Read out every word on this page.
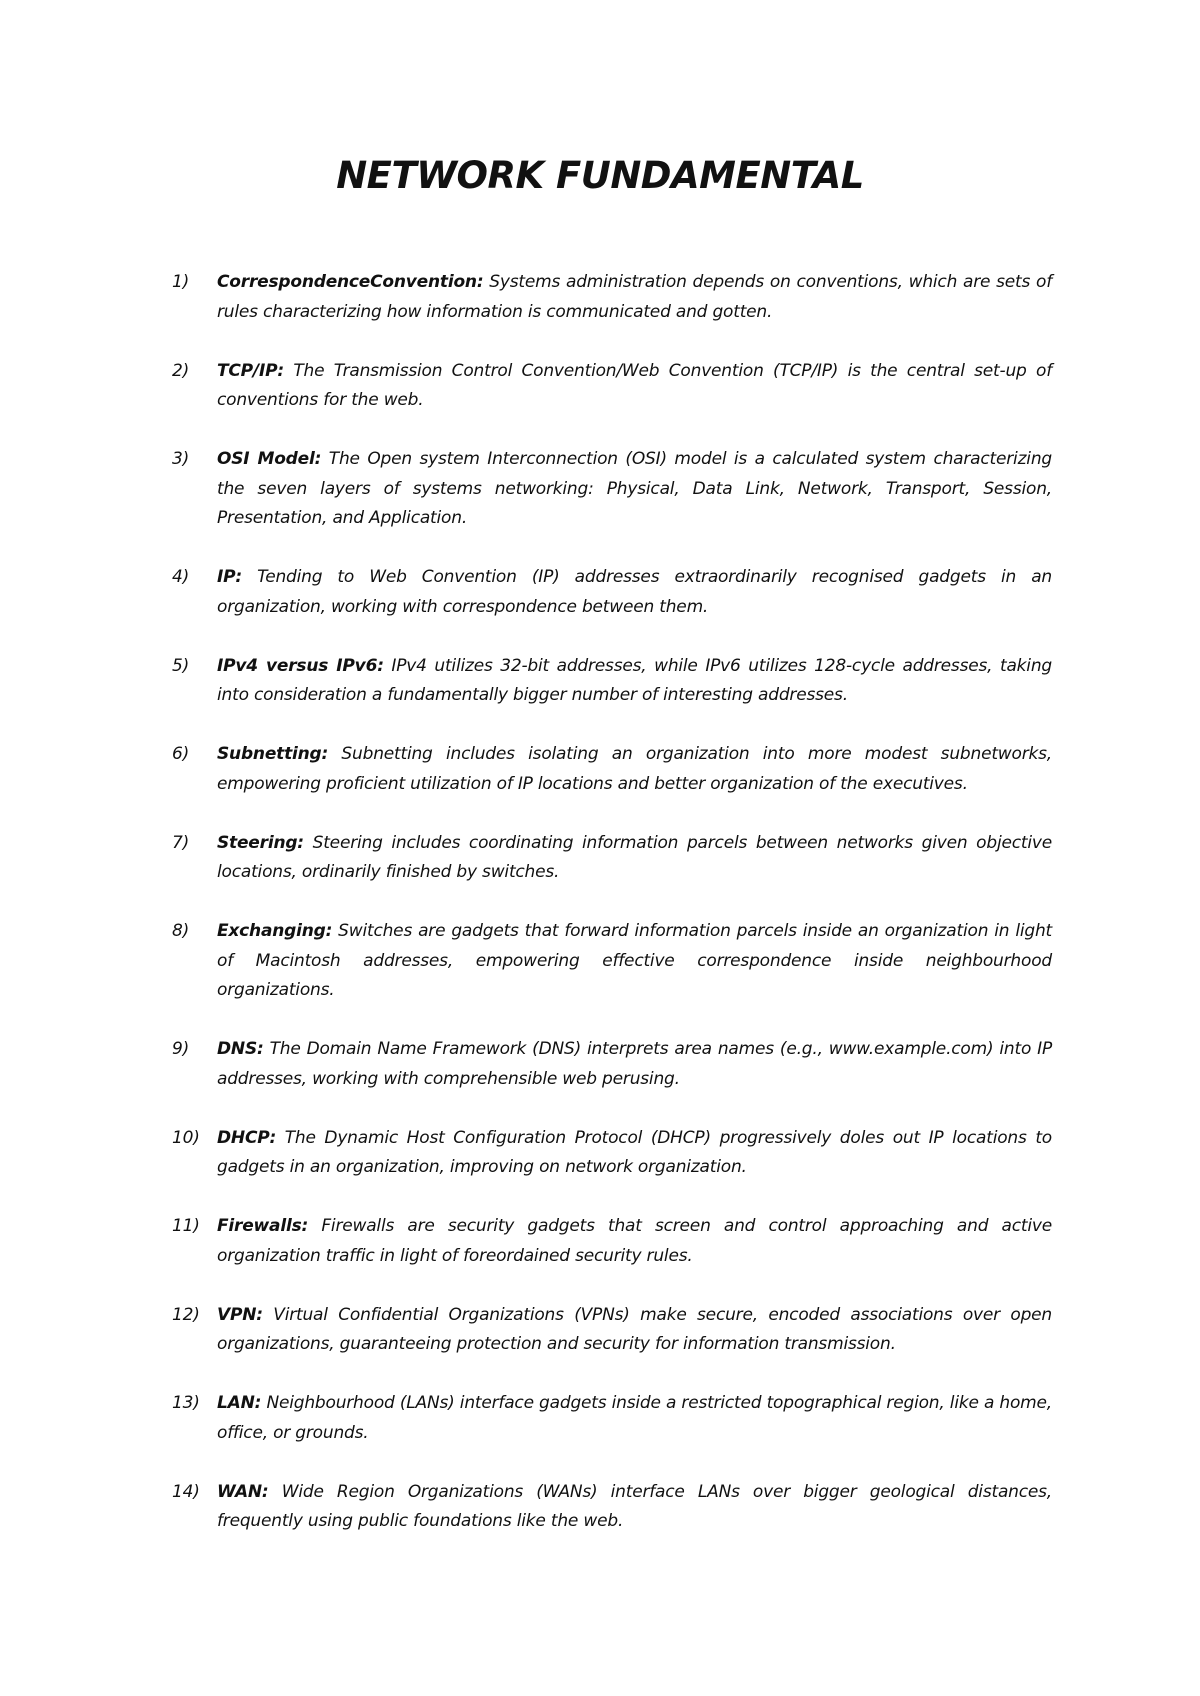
NETWORK FUNDAMENTAL
1)	CorrespondenceConvention: Systems administration depends on conventions, which are sets of rules characterizing how information is communicated and gotten.
2)	TCP/IP: The Transmission Control Convention/Web Convention (TCP/IP) is the central set-up of conventions for the web.
3)	OSI Model: The Open system Interconnection (OSI) model is a calculated system characterizing the seven layers of systems networking: Physical, Data Link, Network, Transport, Session, Presentation, and Application.
4)	IP: Tending to Web Convention (IP) addresses extraordinarily recognised gadgets in an organization, working with correspondence between them.
5)	IPv4 versus IPv6: IPv4 utilizes 32-bit addresses, while IPv6 utilizes 128-cycle addresses, taking into consideration a fundamentally bigger number of interesting addresses.
6)	Subnetting: Subnetting includes isolating an organization into more modest subnetworks, empowering proficient utilization of IP locations and better organization of the executives.
7)	Steering: Steering includes coordinating information parcels between networks given objective locations, ordinarily finished by switches.
8)	Exchanging: Switches are gadgets that forward information parcels inside an organization in light of Macintosh addresses, empowering effective correspondence inside neighbourhood organizations.
9)	DNS: The Domain Name Framework (DNS) interprets area names (e.g., www.example.com) into IP addresses, working with comprehensible web perusing.
10)	DHCP: The Dynamic Host Configuration Protocol (DHCP) progressively doles out IP locations to gadgets in an organization, improving on network organization.
11)	Firewalls: Firewalls are security gadgets that screen and control approaching and active organization traffic in light of foreordained security rules.
12)	VPN: Virtual Confidential Organizations (VPNs) make secure, encoded associations over open organizations, guaranteeing protection and security for information transmission.
13)	LAN: Neighbourhood (LANs) interface gadgets inside a restricted topographical region, like a home, office, or grounds.
14)	WAN: Wide Region Organizations (WANs) interface LANs over bigger geological distances, frequently using public foundations like the web.
